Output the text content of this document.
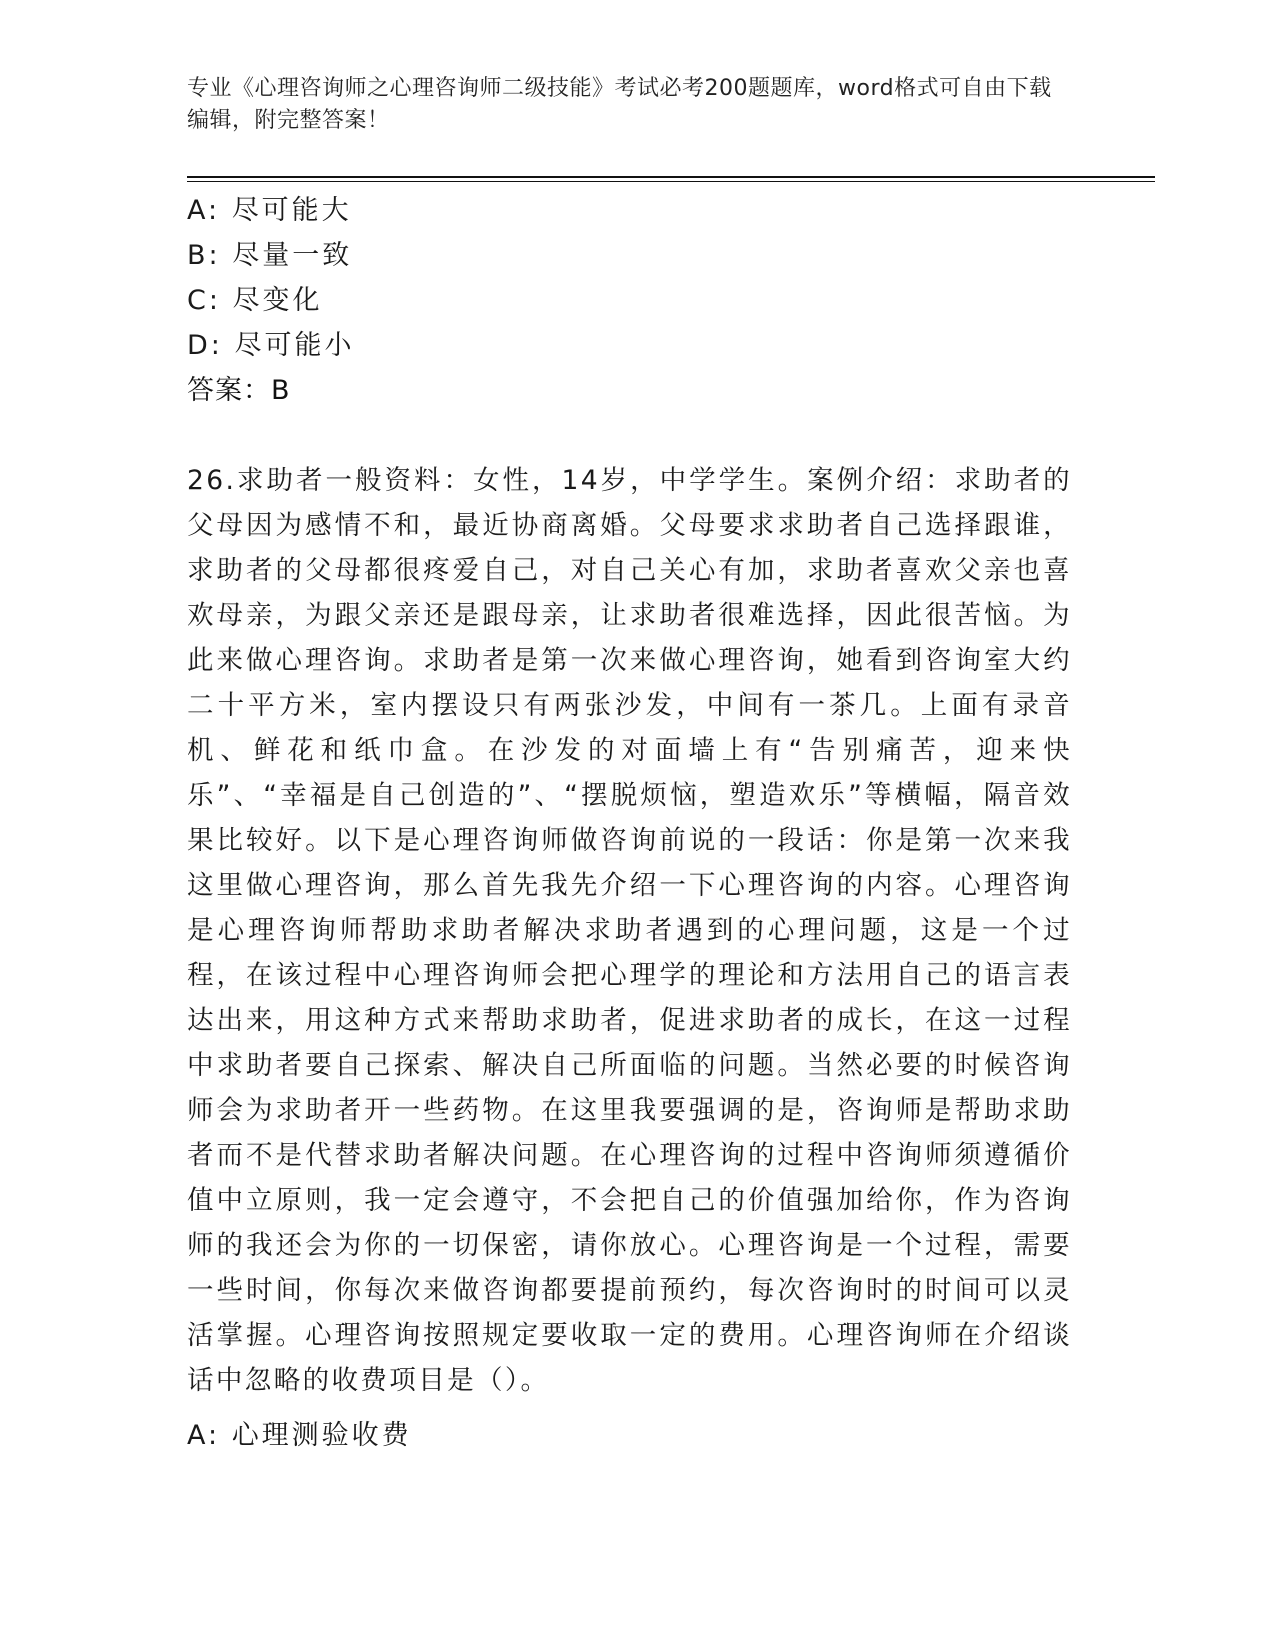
专业《心理咨询师之心理咨询师二级技能》考试必考200题题库，word格式可自由下载编辑，附完整答案！
A: 尽可能大
B: 尽量一致
C: 尽变化
D: 尽可能小
答案：B
26.求助者一般资料：女性，14岁，中学学生。案例介绍：求助者的父母因为感情不和，最近协商离婚。父母要求求助者自己选择跟谁，求助者的父母都很疼爱自己，对自己关心有加，求助者喜欢父亲也喜欢母亲，为跟父亲还是跟母亲，让求助者很难选择，因此很苦恼。为此来做心理咨询。求助者是第一次来做心理咨询，她看到咨询室大约二十平方米，室内摆设只有两张沙发，中间有一茶几。上面有录音机、鲜花和纸巾盒。在沙发的对面墙上有“告别痛苦，迎来快乐”、“幸福是自己创造的”、“摆脱烦恼，塑造欢乐”等横幅，隔音效果比较好。以下是心理咨询师做咨询前说的一段话：你是第一次来我这里做心理咨询，那么首先我先介绍一下心理咨询的内容。心理咨询是心理咨询师帮助求助者解决求助者遇到的心理问题，这是一个过程，在该过程中心理咨询师会把心理学的理论和方法用自己的语言表达出来，用这种方式来帮助求助者，促进求助者的成长，在这一过程中求助者要自己探索、解决自己所面临的问题。当然必要的时候咨询师会为求助者开一些药物。在这里我要强调的是，咨询师是帮助求助者而不是代替求助者解决问题。在心理咨询的过程中咨询师须遵循价值中立原则，我一定会遵守，不会把自己的价值强加给你，作为咨询师的我还会为你的一切保密，请你放心。心理咨询是一个过程，需要一些时间，你每次来做咨询都要提前预约，每次咨询时的时间可以灵活掌握。心理咨询按照规定要收取一定的费用。心理咨询师在介绍谈话中忽略的收费项目是（）。
A: 心理测验收费
